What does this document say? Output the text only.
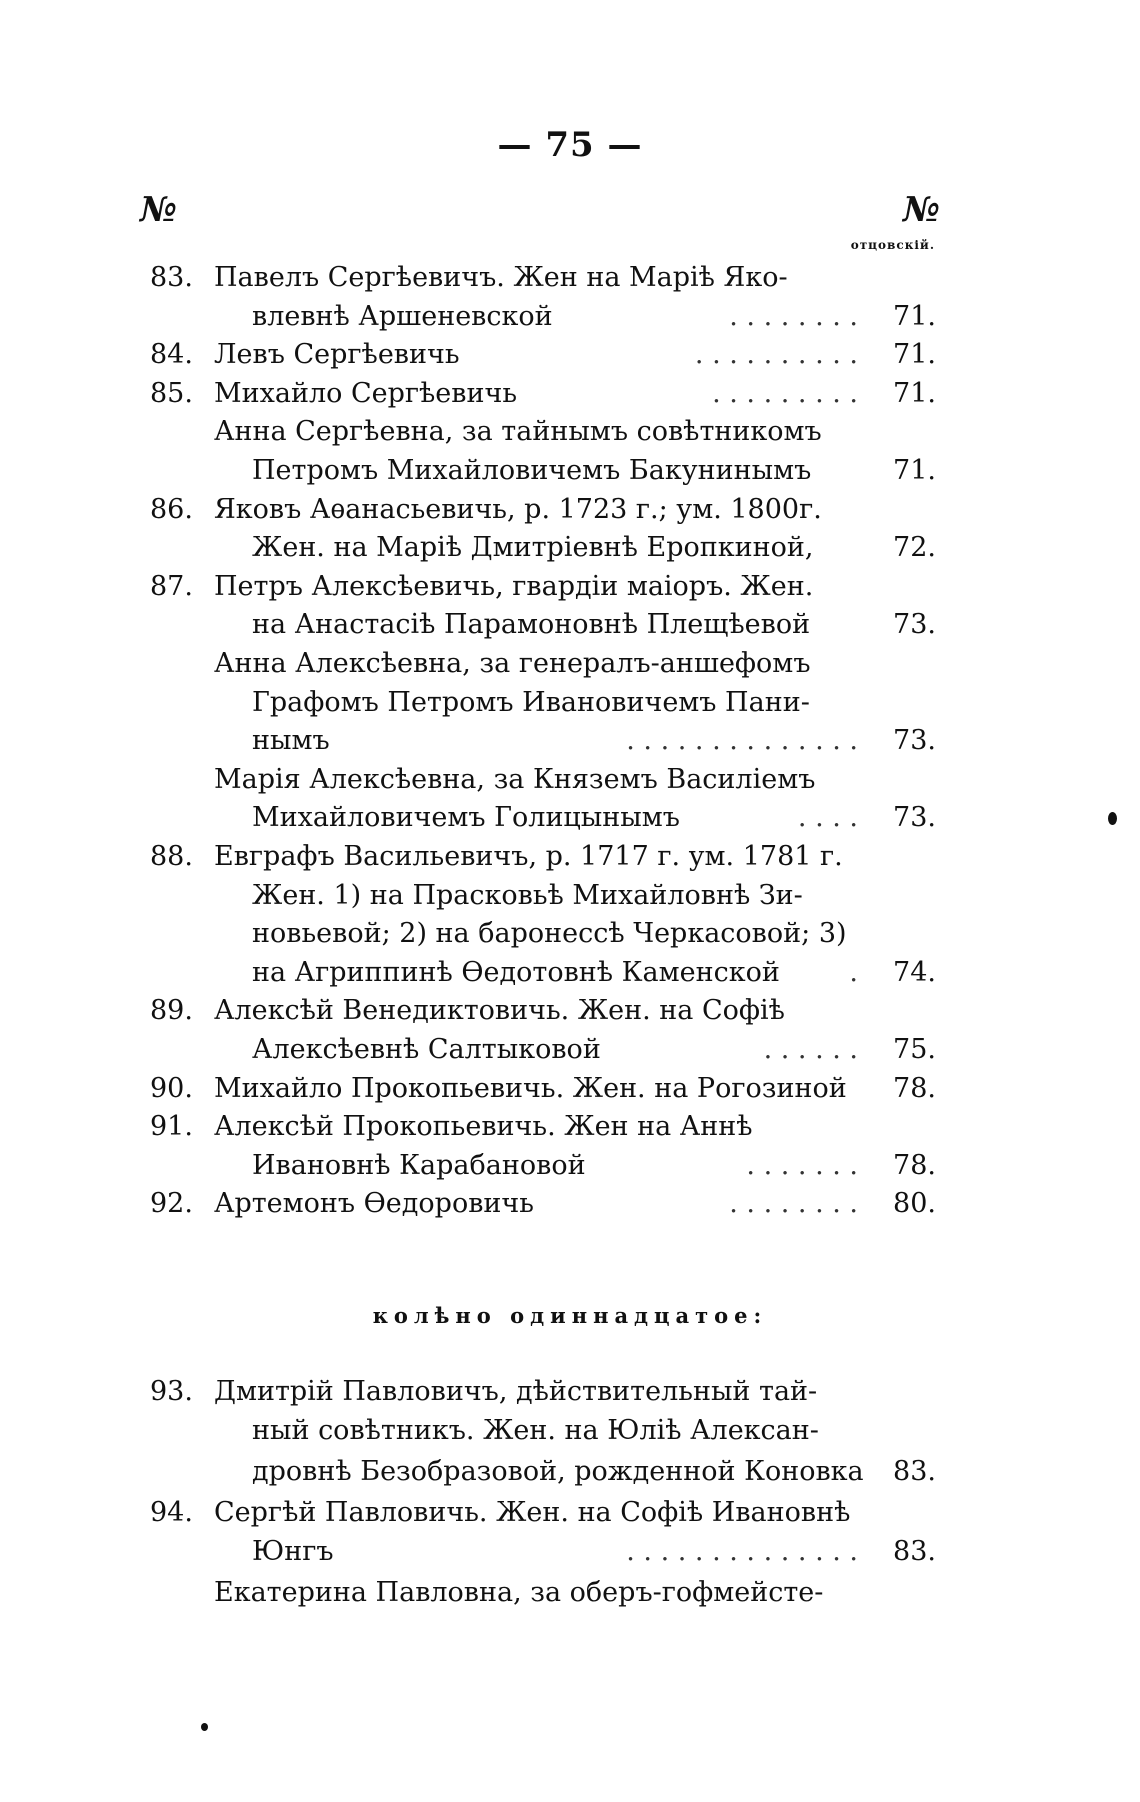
— 75 —
№	№
отцовскій.
83. Павелъ Сергѣевичъ. Жен на Маріѣ Яко-
. . . . . . . .
влевнѣ Аршеневской	71.
. . . . . . . . . .
84. Левъ Сергѣевичь	71.
. . . . . . . . .
85. Михайло Сергѣевичь	71.
Анна Сергѣевна, за тайнымъ совѣтникомъ
Петромъ Михайловичемъ Бакунинымъ	71.
86. Яковъ Аѳанасьевичь, р. 1723 г.; ум. 1800г.
Жен. на Маріѣ Дмитріевнѣ Еропкиной,	72.
87. Петръ Алексѣевичь, гвардіи маіоръ. Жен.
на Анастасіѣ Парамоновнѣ Плещѣевой	73.
Анна Алексѣевна, за генералъ-аншефомъ
Графомъ Петромъ Ивановичемъ Пани-
. . . . . . . . . . . . . .
нымъ	73.
Марія Алексѣевна, за Княземъ Василіемъ
. . . .
Михайловичемъ Голицынымъ	73.
88. Евграфъ Васильевичъ, р. 1717 г. ум. 1781 г.
Жен. 1) на Прасковьѣ Михайловнѣ Зи-
новьевой; 2) на баронессѣ Черкасовой; 3)
.
на Агриппинѣ Ѳедотовнѣ Каменской	74.
89. Алексѣй Венедиктовичь. Жен. на Софіѣ
. . . . . .
Алексѣевнѣ Салтыковой	75.
90. Михайло Прокопьевичь. Жен. на Рогозиной	78.
91. Алексѣй Прокопьевичь. Жен на Аннѣ
. . . . . . .
Ивановнѣ Карабановой	78.
. . . . . . . .
92. Артемонъ Ѳедоровичь	80.
93. Дмитрій Павловичъ, дѣйствительный тай-
ный совѣтникъ. Жен. на Юліѣ Алексан-
дровнѣ Безобразовой, рожденной Коновка	83.
94. Сергѣй Павловичь. Жен. на Софіѣ Ивановнѣ
. . . . . . . . . . . . . .
Юнгъ	83.
Екатерина Павловна, за оберъ-гофмейсте-
колѣно одиннадцатое:
